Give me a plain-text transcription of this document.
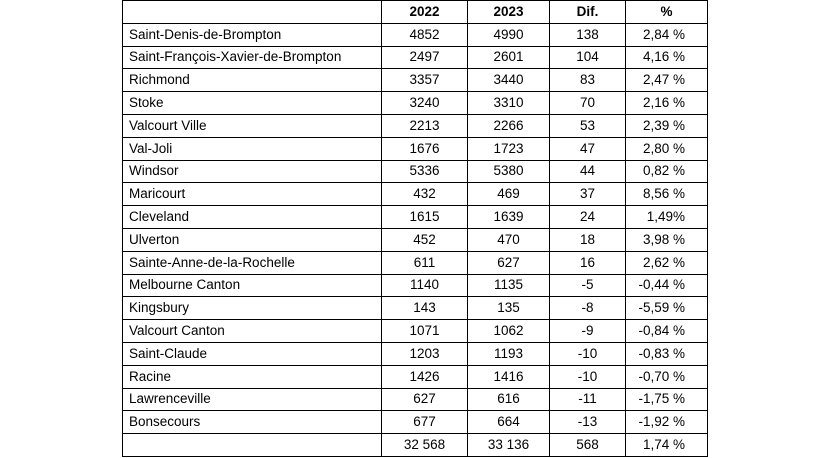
	2022	2023	Dif.	%
Saint-Denis-de-Brompton	4852	4990	138	2,84 %
Saint-François-Xavier-de-Brompton	2497	2601	104	4,16 %
Richmond	3357	3440	83	2,47 %
Stoke	3240	3310	70	2,16 %
Valcourt Ville	2213	2266	53	2,39 %
Val-Joli	1676	1723	47	2,80 %
Windsor	5336	5380	44	0,82 %
Maricourt	432	469	37	8,56 %
Cleveland	1615	1639	24	1,49%
Ulverton	452	470	18	3,98 %
Sainte-Anne-de-la-Rochelle	611	627	16	2,62 %
Melbourne Canton	1140	1135	-5	-0,44 %
Kingsbury	143	135	-8	-5,59 %
Valcourt Canton	1071	1062	-9	-0,84 %
Saint-Claude	1203	1193	-10	-0,83 %
Racine	1426	1416	-10	-0,70 %
Lawrenceville	627	616	-11	-1,75 %
Bonsecours	677	664	-13	-1,92 %
	32 568	33 136	568	1,74 %
